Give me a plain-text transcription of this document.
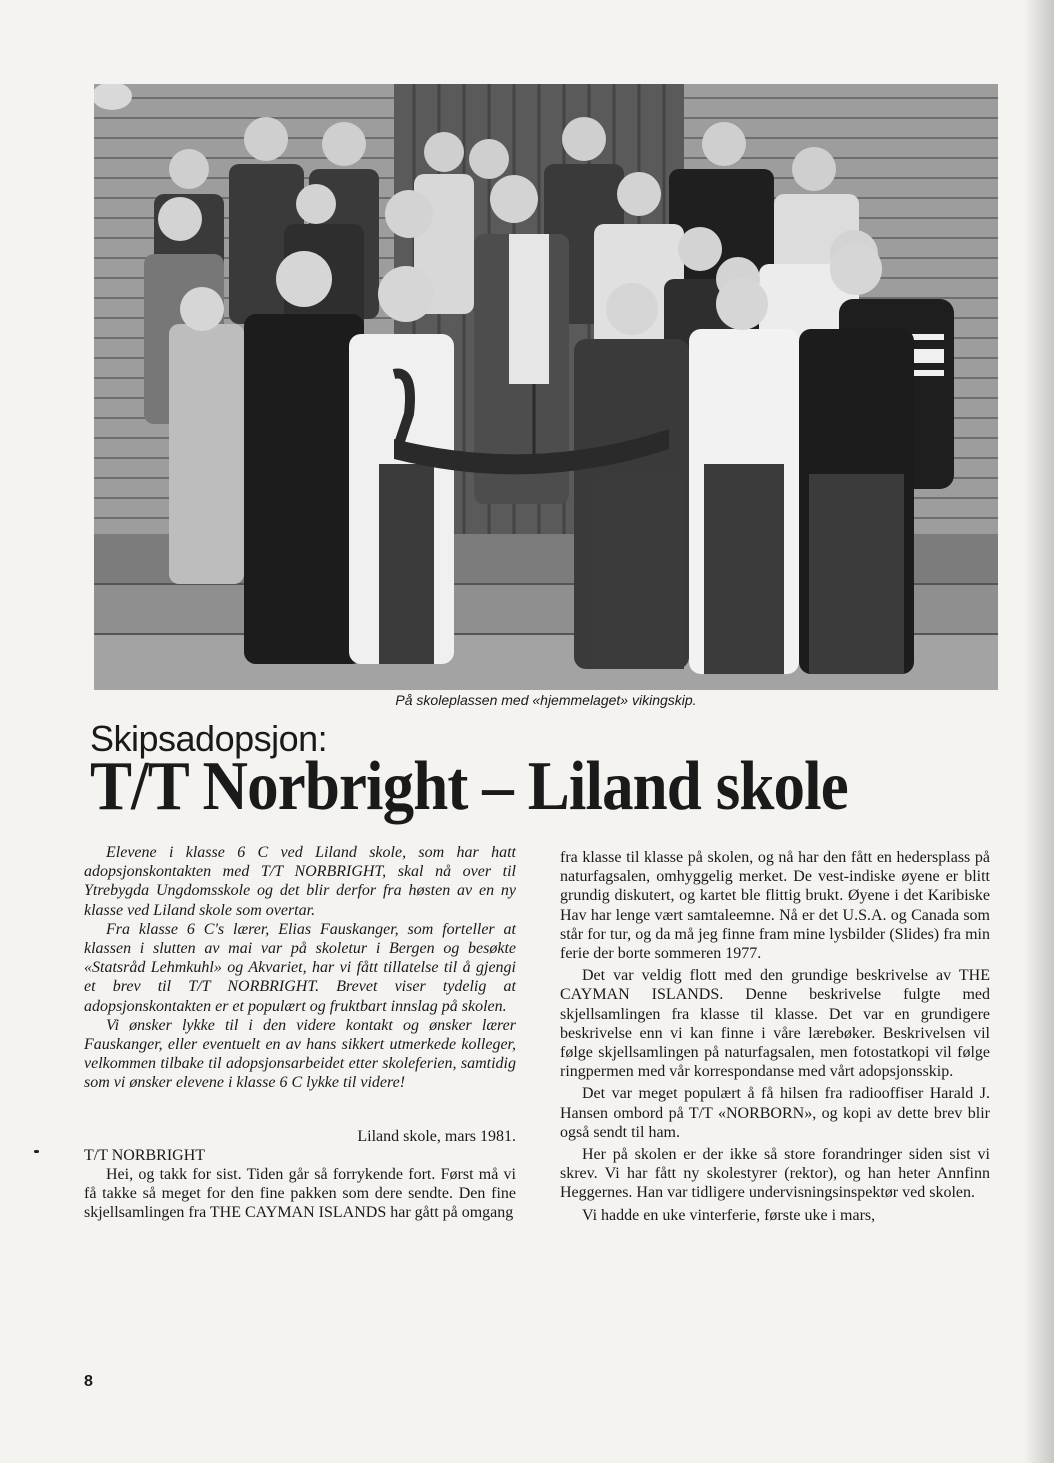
På skoleplassen med «hjemmelaget» vikingskip.
Skipsadopsjon:
T/T Norbright – Liland skole

Elevene i klasse 6 C ved Liland skole, som har hatt adopsjonskontakten med T/T NORBRIGHT, skal nå over til Ytrebygda Ungdomsskole og det blir derfor fra høsten av en ny klasse ved Liland skole som overtar.

Fra klasse 6 C's lærer, Elias Fauskanger, som forteller at klassen i slutten av mai var på skoletur i Bergen og besøkte «Statsråd Lehmkuhl» og Akvariet, har vi fått tillatelse til å gjengi et brev til T/T NORBRIGHT. Brevet viser tydelig at adopsjonskontakten er et populært og fruktbart innslag på skolen.

Vi ønsker lykke til i den videre kontakt og ønsker lærer Fauskanger, eller eventuelt en av hans sikkert utmerkede kolleger, velkommen tilbake til adopsjonsarbeidet etter skoleferien, samtidig som vi ønsker elevene i klasse 6 C lykke til videre!

Liland skole, mars 1981.

T/T NORBRIGHT

Hei, og takk for sist. Tiden går så forrykende fort. Først må vi få takke så meget for den fine pakken som dere sendte. Den fine skjellsamlingen fra THE CAYMAN ISLANDS har gått på omgang

fra klasse til klasse på skolen, og nå har den fått en hedersplass på naturfagsalen, omhyggelig merket. De vest-indiske øyene er blitt grundig diskutert, og kartet ble flittig brukt. Øyene i det Karibiske Hav har lenge vært samtaleemne. Nå er det U.S.A. og Canada som står for tur, og da må jeg finne fram mine lysbilder (Slides) fra min ferie der borte sommeren 1977.

Det var veldig flott med den grundige beskrivelse av THE CAYMAN ISLANDS. Denne beskrivelse fulgte med skjellsamlingen fra klasse til klasse. Det var en grundigere beskrivelse enn vi kan finne i våre lærebøker. Beskrivelsen vil følge skjellsamlingen på naturfagsalen, men fotostatkopi vil følge ringpermen med vår korrespondanse med vårt adopsjonsskip.

Det var meget populært å få hilsen fra radiooffiser Harald J. Hansen ombord på T/T «NORBORN», og kopi av dette brev blir også sendt til ham.

Her på skolen er der ikke så store forandringer siden sist vi skrev. Vi har fått ny skolestyrer (rektor), og han heter Annfinn Heggernes. Han var tidligere undervisningsinspektør ved skolen.

Vi hadde en uke vinterferie, første uke i mars,

8
